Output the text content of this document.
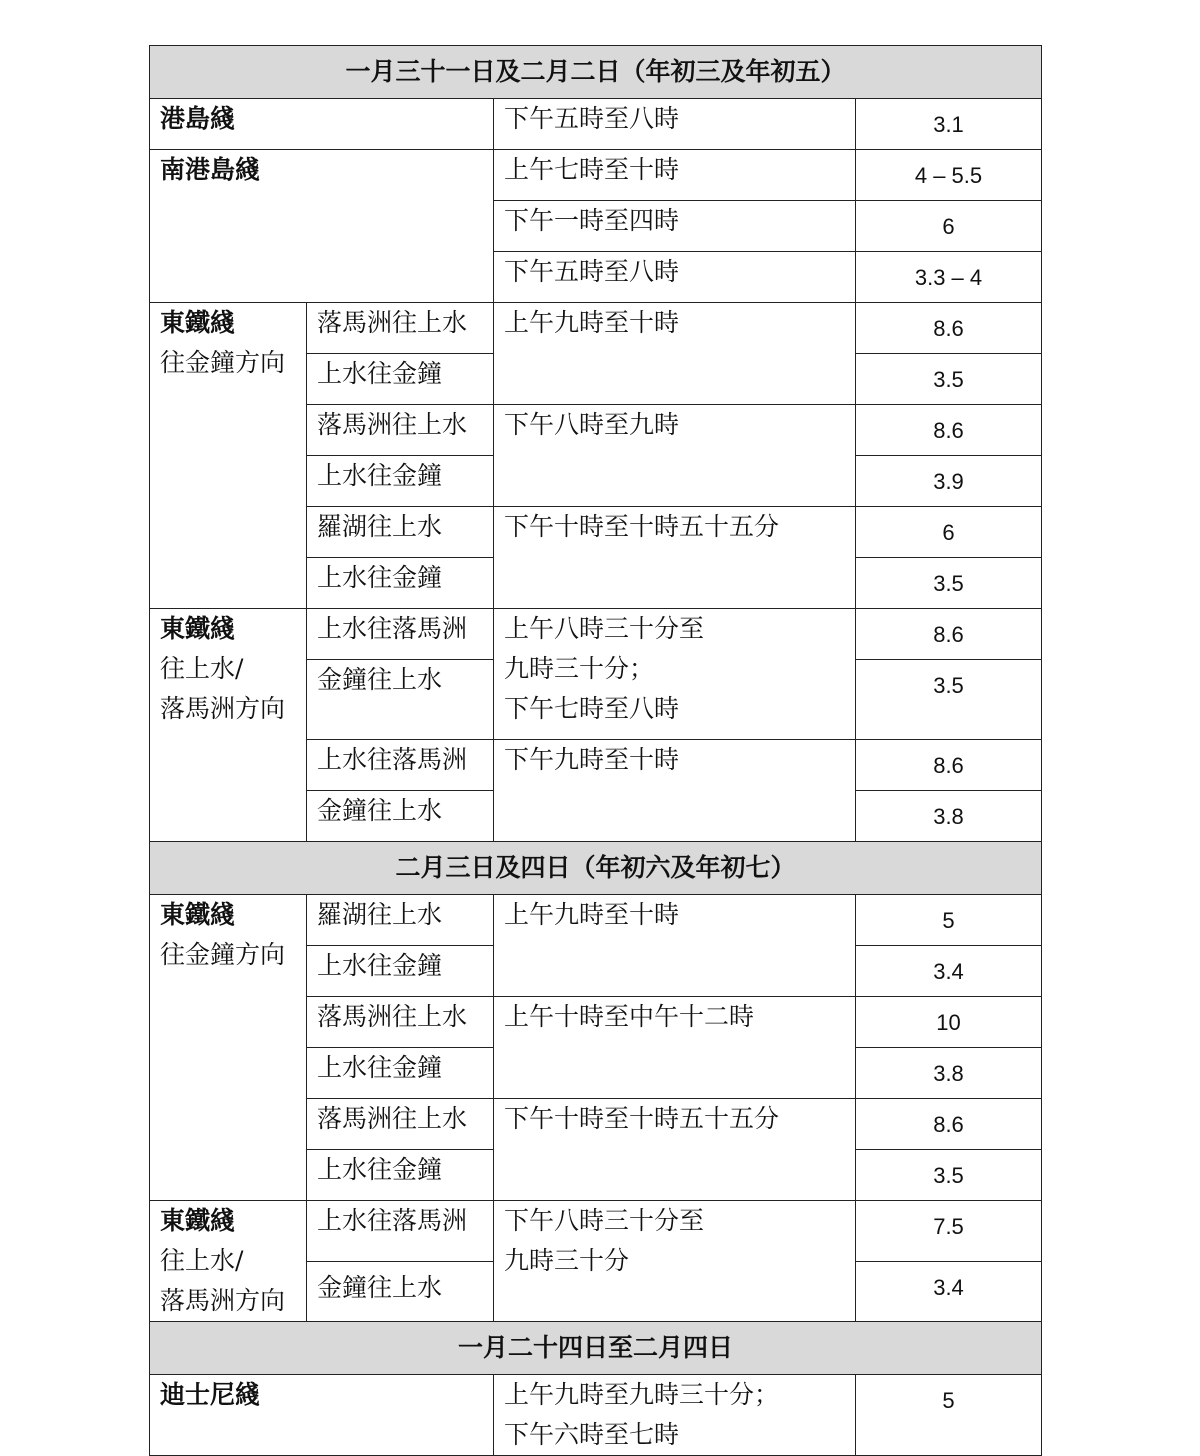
一月三十一日及二月二日（年初三及年初五）			

港島綫		下午五時至八時	3.1

南港島綫		上午七時至十時	4 – 5.5
		下午一時至四時	6
		下午五時至八時	3.3 – 4

東鐵綫
往金鐘方向	落馬洲往上水	上午九時至十時	8.6
	上水往金鐘		3.5
	落馬洲往上水	下午八時至九時	8.6
	上水往金鐘		3.9
	羅湖往上水	下午十時至十時五十五分	6
	上水往金鐘		3.5

東鐵綫
往上水/
落馬洲方向	上水往落馬洲	上午八時三十分至
九時三十分；
下午七時至八時	8.6
	金鐘往上水		3.5
	上水往落馬洲	下午九時至十時	8.6
	金鐘往上水		3.8
二月三日及四日（年初六及年初七）			

東鐵綫
往金鐘方向	羅湖往上水	上午九時至十時	5
	上水往金鐘		3.4
	落馬洲往上水	上午十時至中午十二時	10
	上水往金鐘		3.8
	落馬洲往上水	下午十時至十時五十五分	8.6
	上水往金鐘		3.5

東鐵綫
往上水/
落馬洲方向	上水往落馬洲	下午八時三十分至
九時三十分	7.5
	金鐘往上水		3.4
一月二十四日至二月四日			

迪士尼綫		上午九時至九時三十分；
下午六時至七時	5
